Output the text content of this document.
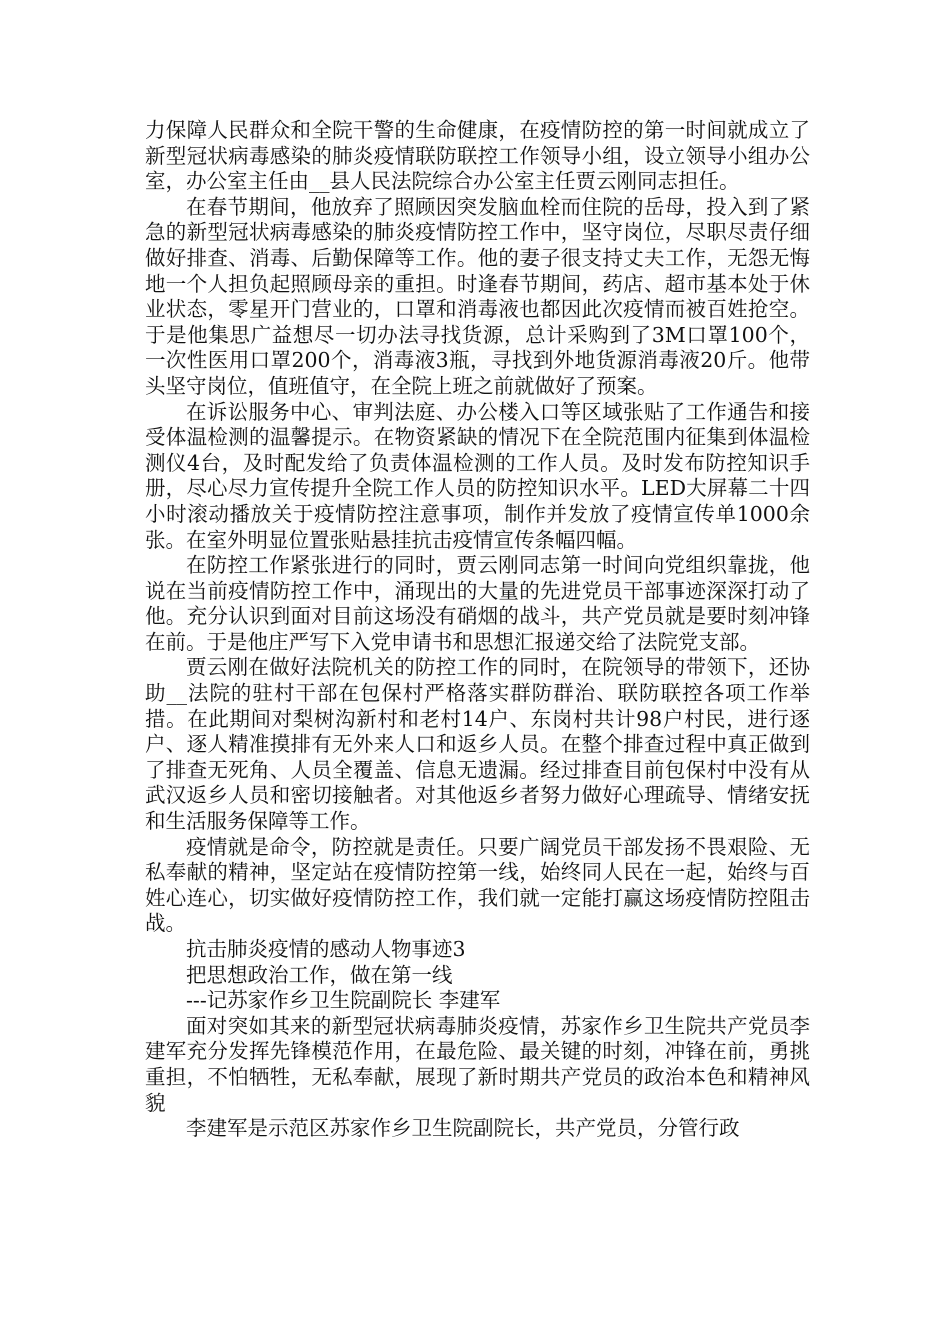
力保障人民群众和全院干警的生命健康，在疫情防控的第一时间就成立了新型冠状病毒感染的肺炎疫情联防联控工作领导小组，设立领导小组办公室，办公室主任由__县人民法院综合办公室主任贾云刚同志担任。

在春节期间，他放弃了照顾因突发脑血栓而住院的岳母，投入到了紧急的新型冠状病毒感染的肺炎疫情防控工作中，坚守岗位，尽职尽责仔细做好排查、消毒、后勤保障等工作。他的妻子很支持丈夫工作，无怨无悔地一个人担负起照顾母亲的重担。时逢春节期间，药店、超市基本处于休业状态，零星开门营业的，口罩和消毒液也都因此次疫情而被百姓抢空。于是他集思广益想尽一切办法寻找货源，总计采购到了3M口罩100个，一次性医用口罩200个，消毒液3瓶，寻找到外地货源消毒液20斤。他带头坚守岗位，值班值守，在全院上班之前就做好了预案。

在诉讼服务中心、审判法庭、办公楼入口等区域张贴了工作通告和接受体温检测的温馨提示。在物资紧缺的情况下在全院范围内征集到体温检测仪4台，及时配发给了负责体温检测的工作人员。及时发布防控知识手册，尽心尽力宣传提升全院工作人员的防控知识水平。LED大屏幕二十四小时滚动播放关于疫情防控注意事项，制作并发放了疫情宣传单1000余张。在室外明显位置张贴悬挂抗击疫情宣传条幅四幅。

在防控工作紧张进行的同时，贾云刚同志第一时间向党组织靠拢，他说在当前疫情防控工作中，涌现出的大量的先进党员干部事迹深深打动了他。充分认识到面对目前这场没有硝烟的战斗，共产党员就是要时刻冲锋在前。于是他庄严写下入党申请书和思想汇报递交给了法院党支部。

贾云刚在做好法院机关的防控工作的同时，在院领导的带领下，还协助__法院的驻村干部在包保村严格落实群防群治、联防联控各项工作举措。在此期间对梨树沟新村和老村14户、东岗村共计98户村民，进行逐户、逐人精准摸排有无外来人口和返乡人员。在整个排查过程中真正做到了排查无死角、人员全覆盖、信息无遗漏。经过排查目前包保村中没有从武汉返乡人员和密切接触者。对其他返乡者努力做好心理疏导、情绪安抚和生活服务保障等工作。

疫情就是命令，防控就是责任。只要广阔党员干部发扬不畏艰险、无私奉献的精神，坚定站在疫情防控第一线，始终同人民在一起，始终与百姓心连心，切实做好疫情防控工作，我们就一定能打赢这场疫情防控阻击战。

抗击肺炎疫情的感动人物事迹3

把思想政治工作，做在第一线

---记苏家作乡卫生院副院长 李建军

面对突如其来的新型冠状病毒肺炎疫情，苏家作乡卫生院共产党员李建军充分发挥先锋模范作用，在最危险、最关键的时刻，冲锋在前，勇挑重担，不怕牺牲，无私奉献，展现了新时期共产党员的政治本色和精神风貌

李建军是示范区苏家作乡卫生院副院长，共产党员，分管行政
